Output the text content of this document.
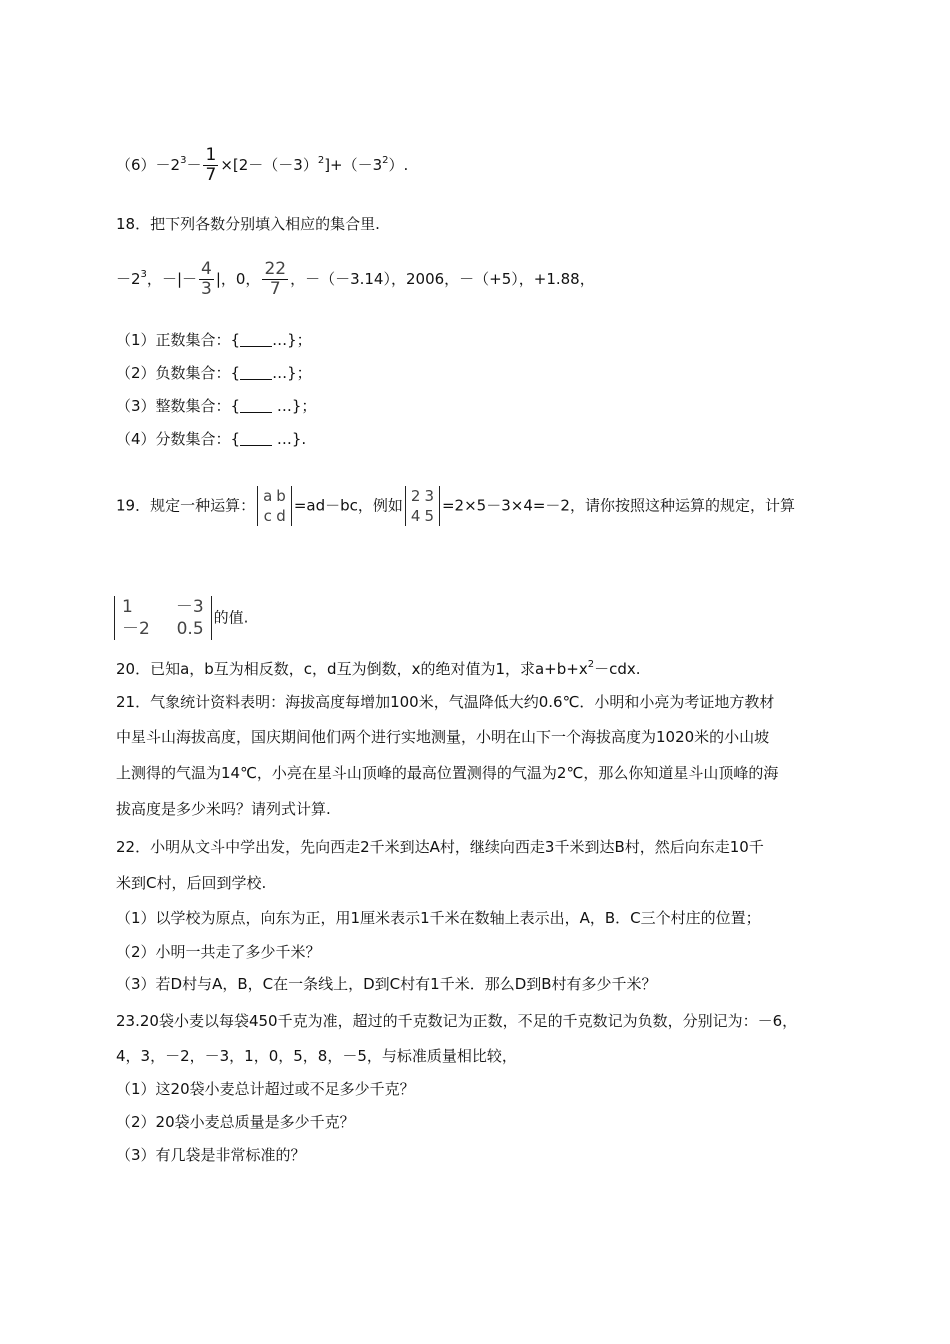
$(6)-2^3- \frac{1}{7} \times[2-(-3)^2]+(-3^2)$.
18．把下列各数分别填入相应的集合里.
$-2^3$，－|－ $\frac{4}{3}$ |，0， $\frac{22}{7}$ ，－（－3.14），2006，－（+5），+1.88，
（1）正数集合：{ …}；
（2）负数集合：{ …}；
（3）整数集合：{ …}；
（4）分数集合：{ …}.
19．规定一种运算：
a	b
c	d
=ad－bc，例如
2	3
4	5
=2×5－3×4=－2，请你按照这种运算的规定，计算
1	－3
－2	0.5
的值.
20．已知a，b互为相反数，c，d互为倒数，x的绝对值为1，求$a+b+x^2-cdx$.
21．气象统计资料表明：海拔高度每增加100米，气温降低大约0.6℃．小明和小亮为考证地方教材
中星斗山海拔高度，国庆期间他们两个进行实地测量，小明在山下一个海拔高度为1020米的小山坡
上测得的气温为14℃，小亮在星斗山顶峰的最高位置测得的气温为2℃，那么你知道星斗山顶峰的海
拔高度是多少米吗？请列式计算.
22．小明从文斗中学出发，先向西走2千米到达A村，继续向西走3千米到达B村，然后向东走10千
米到C村，后回到学校.
（1）以学校为原点，向东为正，用1厘米表示1千米在数轴上表示出，A，B．C三个村庄的位置；
（2）小明一共走了多少千米？
（3）若D村与A，B，C在一条线上，D到C村有1千米．那么D到B村有多少千米？
23.20袋小麦以每袋450千克为准，超过的千克数记为正数，不足的千克数记为负数，分别记为：－6，
4，3，－2，－3，1，0，5，8，－5，与标准质量相比较，
（1）这20袋小麦总计超过或不足多少千克？
（2）20袋小麦总质量是多少千克？
（3）有几袋是非常标准的？
